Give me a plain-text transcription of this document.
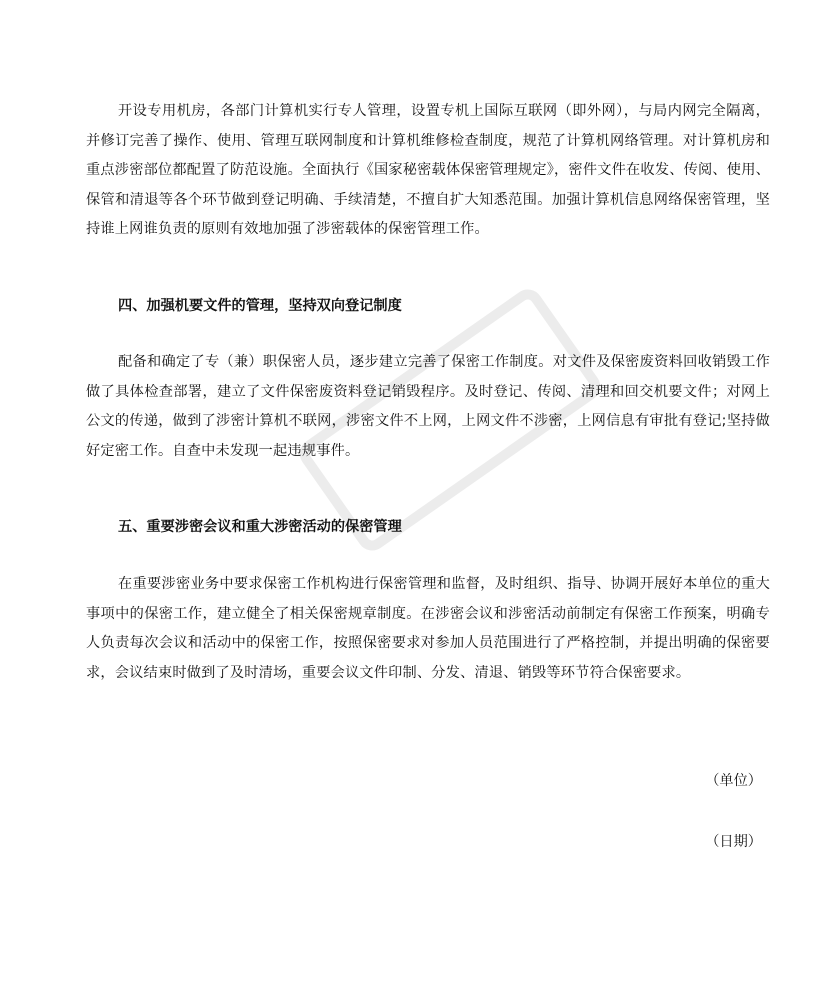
开设专用机房，各部门计算机实行专人管理，设置专机上国际互联网（即外网），与局内网完全隔离，并修订完善了操作、使用、管理互联网制度和计算机维修检查制度，规范了计算机网络管理。对计算机房和重点涉密部位都配置了防范设施。全面执行《国家秘密载体保密管理规定》，密件文件在收发、传阅、使用、保管和清退等各个环节做到登记明确、手续清楚，不擅自扩大知悉范围。加强计算机信息网络保密管理，坚持谁上网谁负责的原则有效地加强了涉密载体的保密管理工作。

四、加强机要文件的管理，坚持双向登记制度

配备和确定了专（兼）职保密人员，逐步建立完善了保密工作制度。对文件及保密废资料回收销毁工作做了具体检查部署，建立了文件保密废资料登记销毁程序。及时登记、传阅、清理和回交机要文件；对网上公文的传递，做到了涉密计算机不联网，涉密文件不上网，上网文件不涉密，上网信息有审批有登记;坚持做好定密工作。自查中未发现一起违规事件。

五、重要涉密会议和重大涉密活动的保密管理

在重要涉密业务中要求保密工作机构进行保密管理和监督，及时组织、指导、协调开展好本单位的重大事项中的保密工作，建立健全了相关保密规章制度。在涉密会议和涉密活动前制定有保密工作预案，明确专人负责每次会议和活动中的保密工作，按照保密要求对参加人员范围进行了严格控制，并提出明确的保密要求，会议结束时做到了及时清场，重要会议文件印制、分发、清退、销毁等环节符合保密要求。

（单位）

（日期）
